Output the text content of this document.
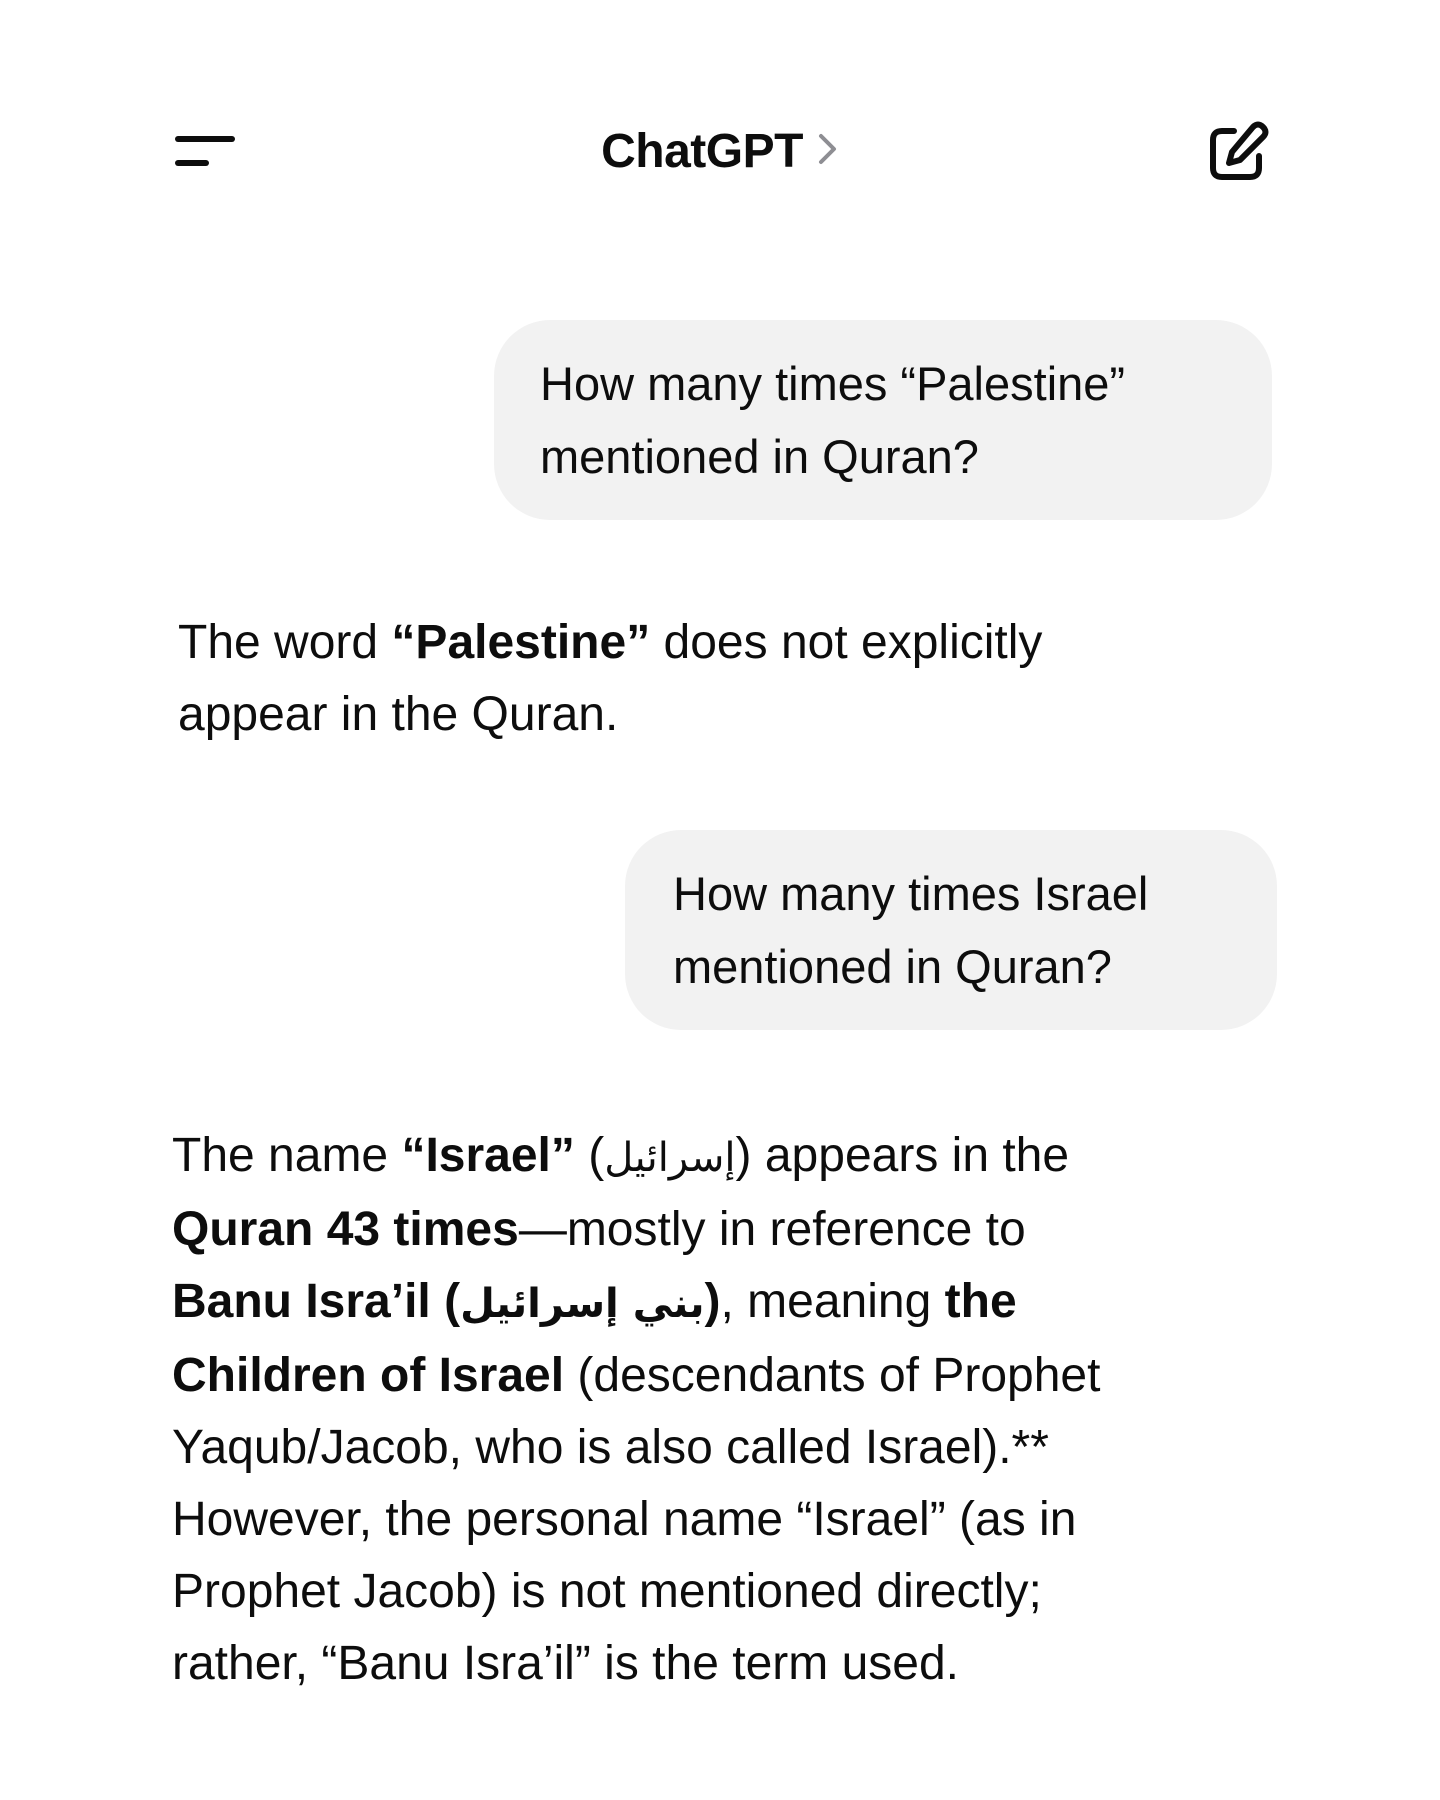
ChatGPT
How many times “Palestine”
mentioned in Quran?
The word “Palestine” does not explicitly
appear in the Quran.
How many times Israel
mentioned in Quran?
The name “Israel” (إسرائيل) appears in the
Quran 43 times—mostly in reference to
Banu Isra’il (بني إسرائيل), meaning the
Children of Israel (descendants of Prophet
Yaqub/Jacob, who is also called Israel).**
However, the personal name “Israel” (as in
Prophet Jacob) is not mentioned directly;
rather, “Banu Isra’il” is the term used.
